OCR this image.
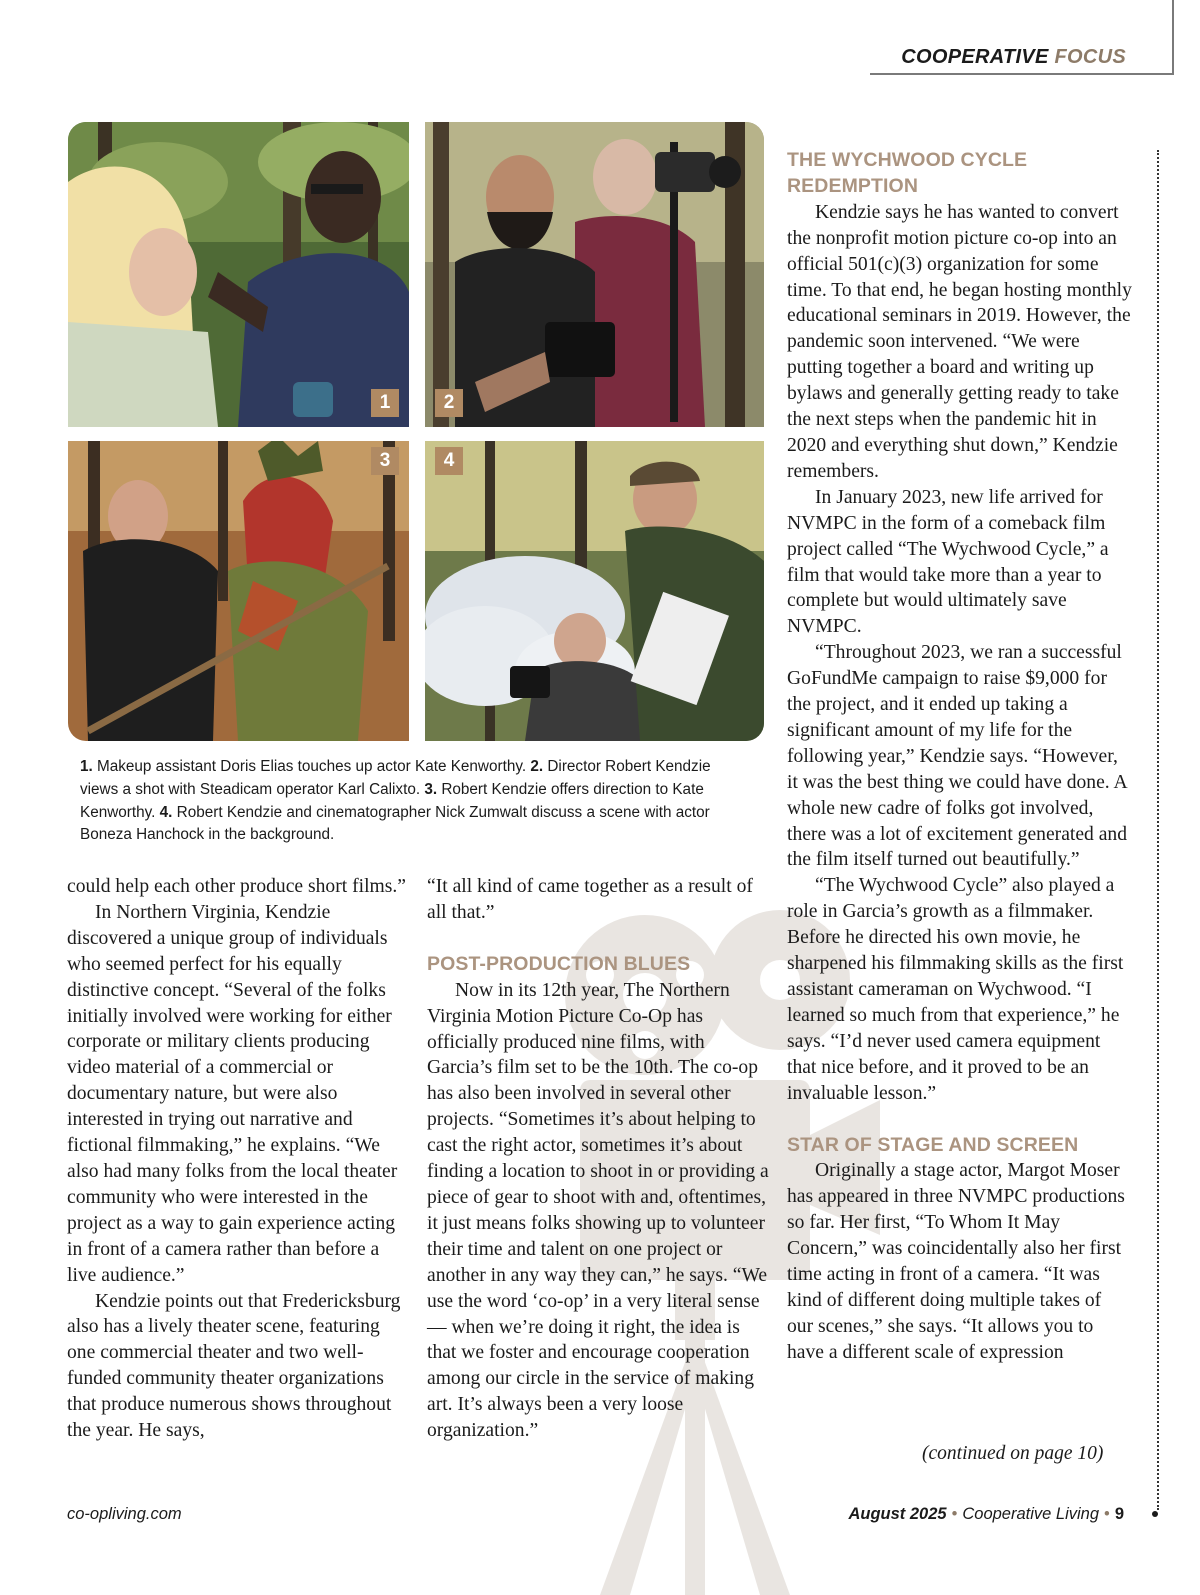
COOPERATIVE FOCUS
1	2
3	4
1. Makeup assistant Doris Elias touches up actor Kate Kenworthy. 2. Director Robert Kendzie views a shot with Steadicam operator Karl Calixto. 3. Robert Kendzie offers direction to Kate Kenworthy. 4. Robert Kendzie and cinematographer Nick Zumwalt discuss a scene with actor Boneza Hanchock in the background.

could help each other produce short films.”

In Northern Virginia, Kendzie discovered a unique group of individuals who seemed perfect for his equally distinctive concept. “Several of the folks initially involved were working for either corporate or military clients producing video material of a commercial or documentary nature, but were also interested in trying out narrative and fictional filmmaking,” he explains. “We also had many folks from the local theater community who were interested in the project as a way to gain experience acting in front of a camera rather than before a live audience.”

Kendzie points out that Fredericksburg also has a lively theater scene, featuring one commercial theater and two well-funded community theater organizations that produce numerous shows throughout the year. He says,

“It all kind of came together as a result of all that.”

POST-PRODUCTION BLUES

Now in its 12th year, The Northern Virginia Motion Picture Co-Op has officially produced nine films, with Garcia’s film set to be the 10th. The co-op has also been involved in several other projects. “Sometimes it’s about helping to cast the right actor, sometimes it’s about finding a location to shoot in or providing a piece of gear to shoot with and, oftentimes, it just means folks showing up to volunteer their time and talent on one project or another in any way they can,” he says. “We use the word ‘co-op’ in a very literal sense — when we’re doing it right, the idea is that we foster and encourage cooperation among our circle in the service of making art. It’s always been a very loose organization.”

THE WYCHWOOD CYCLE REDEMPTION

Kendzie says he has wanted to convert the nonprofit motion picture co-op into an official 501(c)(3) organization for some time. To that end, he began hosting monthly educational seminars in 2019. However, the pandemic soon intervened. “We were putting together a board and writing up bylaws and generally getting ready to take the next steps when the pandemic hit in 2020 and everything shut down,” Kendzie remembers.

In January 2023, new life arrived for NVMPC in the form of a comeback film project called “The Wychwood Cycle,” a film that would take more than a year to complete but would ultimately save NVMPC.

“Throughout 2023, we ran a successful GoFundMe campaign to raise $9,000 for the project, and it ended up taking a significant amount of my life for the following year,” Kendzie says. “However, it was the best thing we could have done. A whole new cadre of folks got involved, there was a lot of excitement generated and the film itself turned out beautifully.”

“The Wychwood Cycle” also played a role in Garcia’s growth as a filmmaker. Before he directed his own movie, he sharpened his filmmaking skills as the first assistant cameraman on Wychwood. “I learned so much from that experience,” he says. “I’d never used camera equipment that nice before, and it proved to be an invaluable lesson.”

STAR OF STAGE AND SCREEN

Originally a stage actor, Margot Moser has appeared in three NVMPC productions so far. Her first, “To Whom It May Concern,” was coincidentally also her first time acting in front of a camera. “It was kind of different doing multiple takes of our scenes,” she says. “It allows you to have a different scale of expression

(continued on page 10)
co-opliving.com	August 2025 • Cooperative Living • 9
